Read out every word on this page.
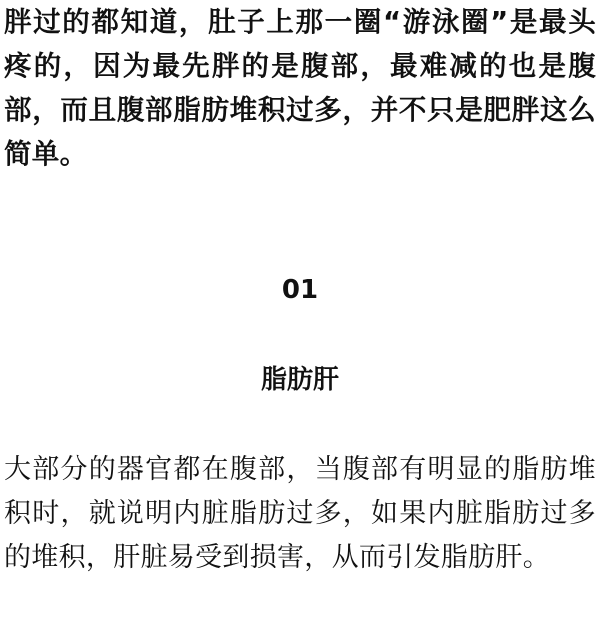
胖过的都知道，肚子上那一圈“游泳圈”是最头疼的，因为最先胖的是腹部，最难减的也是腹部，而且腹部脂肪堆积过多，并不只是肥胖这么简单。

01
脂肪肝

大部分的器官都在腹部，当腹部有明显的脂肪堆积时，就说明内脏脂肪过多，如果内脏脂肪过多的堆积，肝脏易受到损害，从而引发脂肪肝。
